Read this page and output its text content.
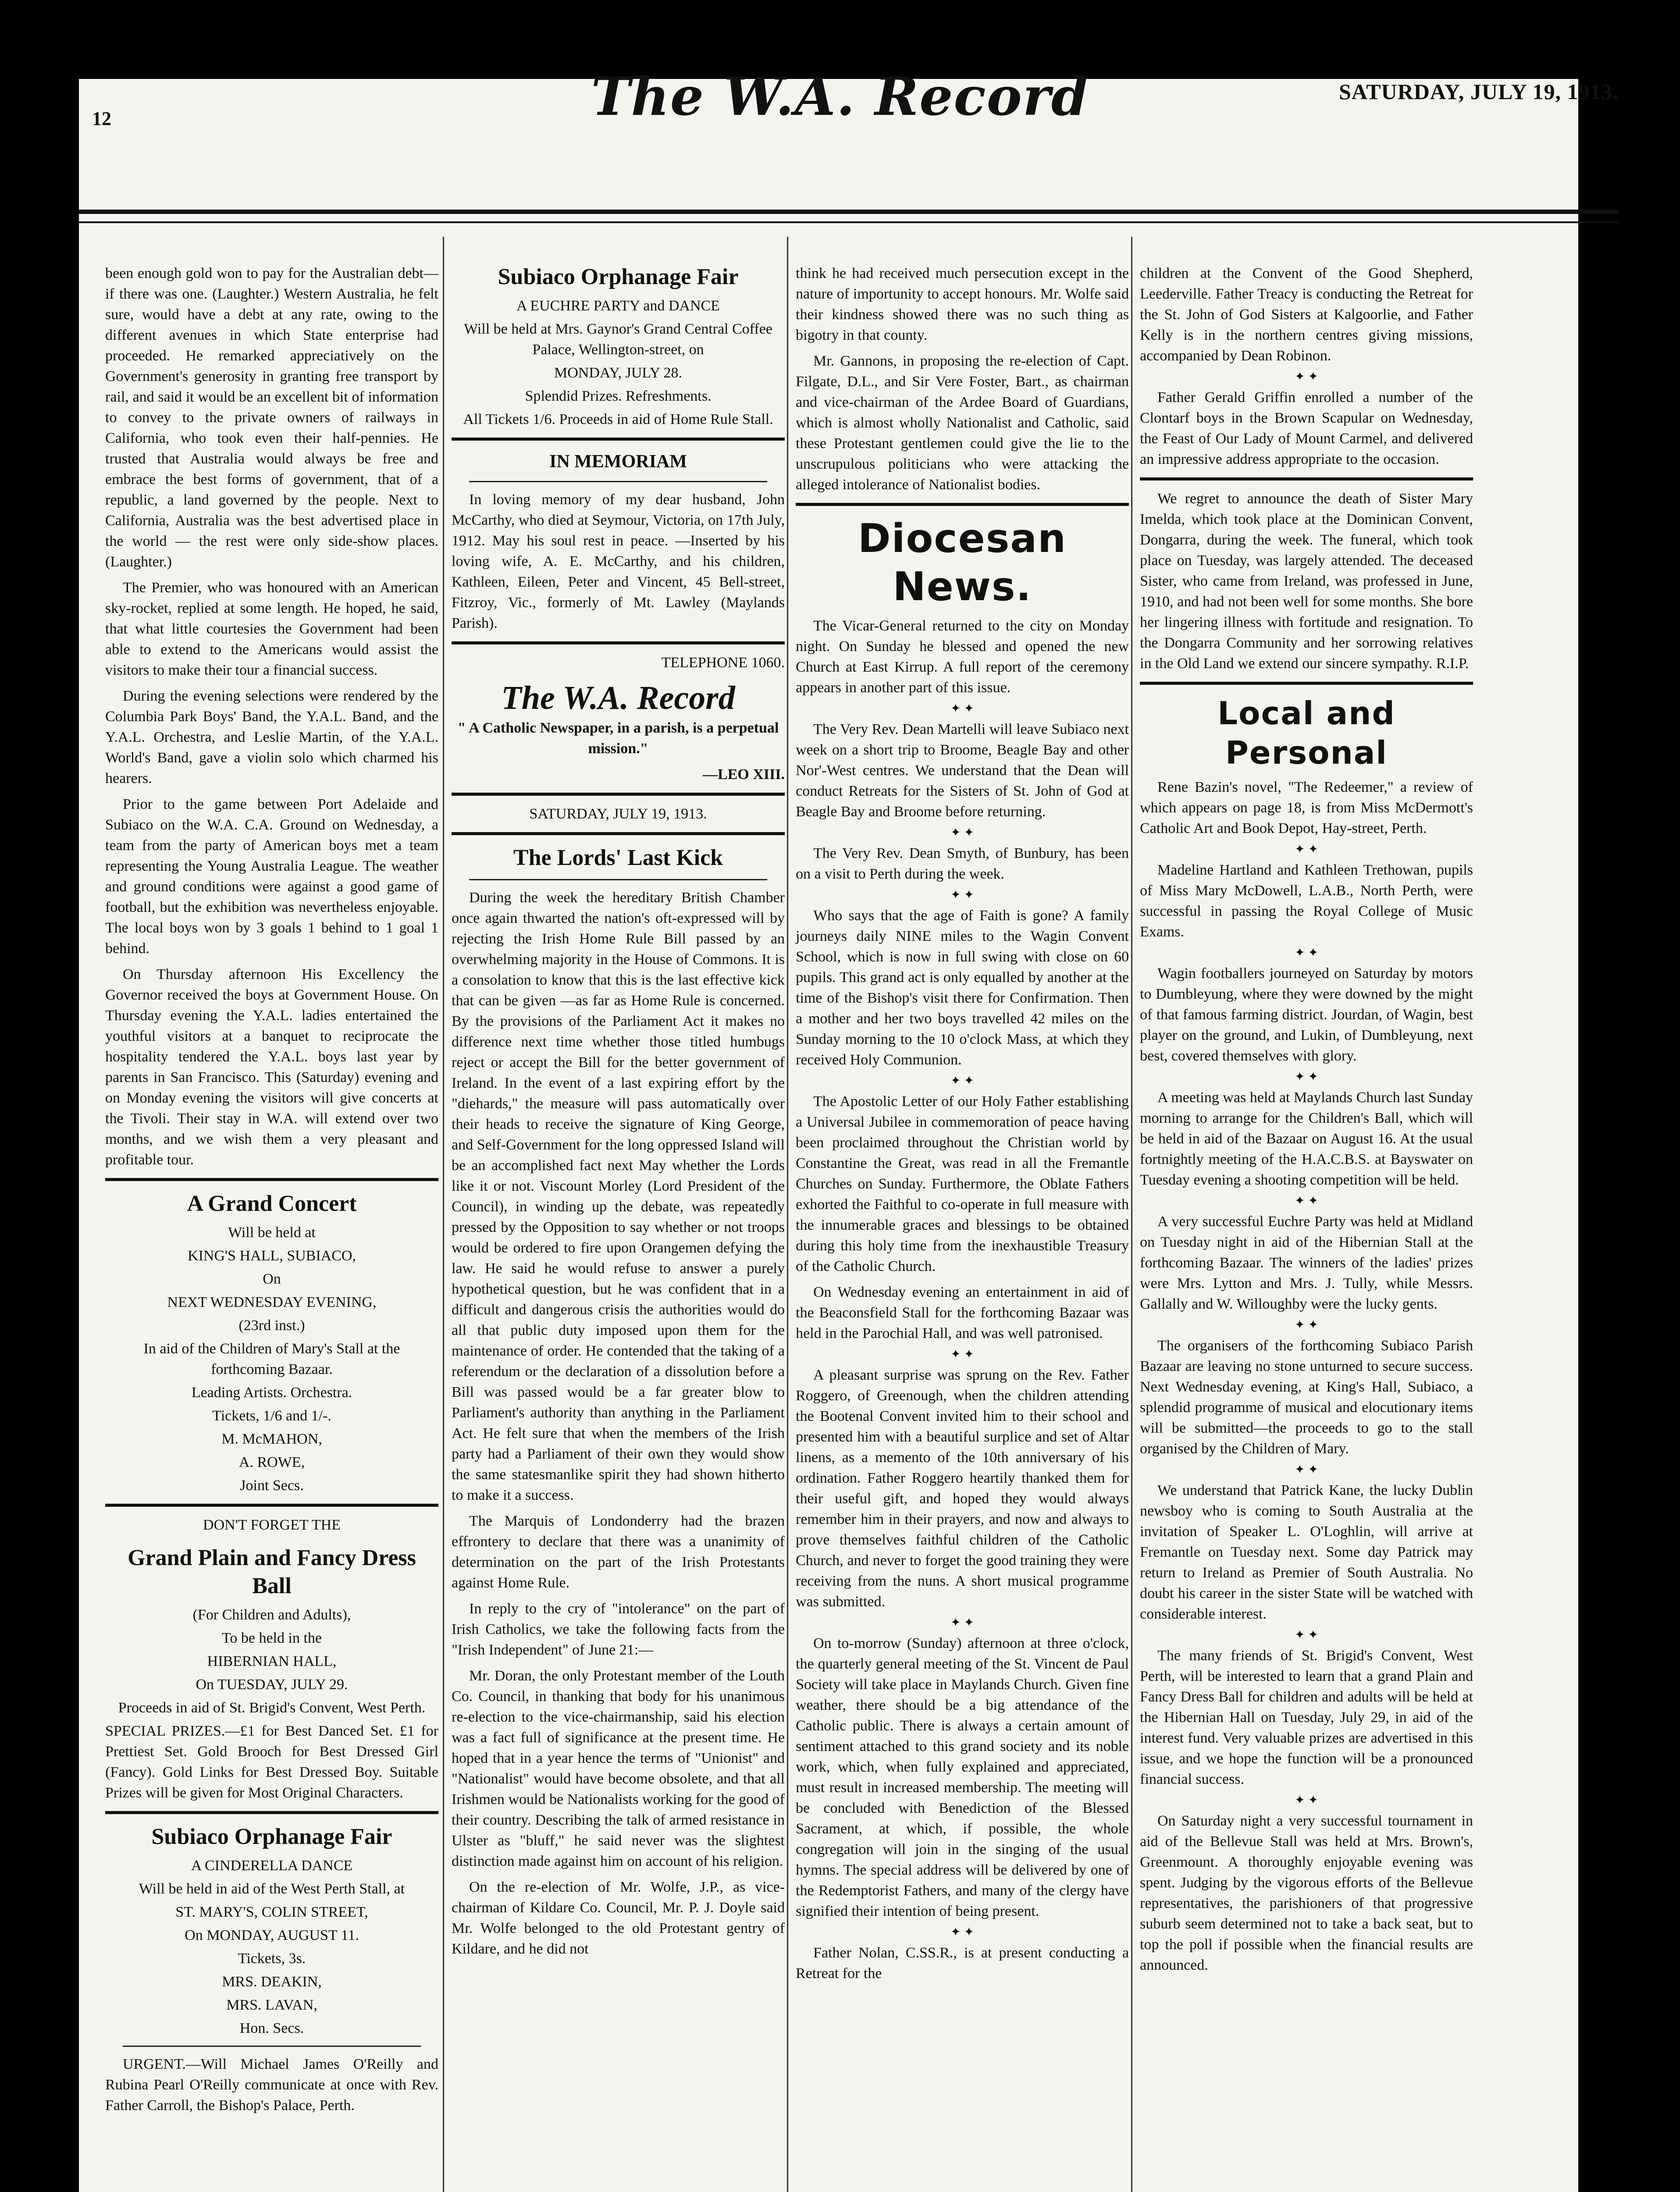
The W.A. Record	SATURDAY, JULY 19, 1913.
12

been enough gold won to pay for the Australian debt—if there was one. (Laughter.) Western Australia, he felt sure, would have a debt at any rate, owing to the different avenues in which State enterprise had proceeded. He remarked appreciatively on the Government's generosity in granting free transport by rail, and said it would be an excellent bit of information to convey to the private owners of railways in California, who took even their half-pennies. He trusted that Australia would always be free and embrace the best forms of government, that of a republic, a land governed by the people. Next to California, Australia was the best advertised place in the world — the rest were only side-show places. (Laughter.)

The Premier, who was honoured with an American sky-rocket, replied at some length. He hoped, he said, that what little courtesies the Government had been able to extend to the Americans would assist the visitors to make their tour a financial success.

During the evening selections were rendered by the Columbia Park Boys' Band, the Y.A.L. Band, and the Y.A.L. Orchestra, and Leslie Martin, of the Y.A.L. World's Band, gave a violin solo which charmed his hearers.

Prior to the game between Port Adelaide and Subiaco on the W.A. C.A. Ground on Wednesday, a team from the party of American boys met a team representing the Young Australia League. The weather and ground conditions were against a good game of football, but the exhibition was nevertheless enjoyable. The local boys won by 3 goals 1 behind to 1 goal 1 behind.

On Thursday afternoon His Excellency the Governor received the boys at Government House. On Thursday evening the Y.A.L. ladies entertained the youthful visitors at a banquet to reciprocate the hospitality tendered the Y.A.L. boys last year by parents in San Francisco. This (Saturday) evening and on Monday evening the visitors will give concerts at the Tivoli. Their stay in W.A. will extend over two months, and we wish them a very pleasant and profitable tour.

A Grand Concert

Will be held at

KING'S HALL, SUBIACO,

On

NEXT WEDNESDAY EVENING,

(23rd inst.)

In aid of the Children of Mary's Stall at the forthcoming Bazaar.

Leading Artists. Orchestra.

Tickets, 1/6 and 1/-.

M. McMAHON,

A. ROWE,

Joint Secs.

DON'T FORGET THE

Grand Plain and Fancy Dress Ball

(For Children and Adults),

To be held in the

HIBERNIAN HALL,

On TUESDAY, JULY 29.

Proceeds in aid of St. Brigid's Convent, West Perth.

SPECIAL PRIZES.—£1 for Best Danced Set. £1 for Prettiest Set. Gold Brooch for Best Dressed Girl (Fancy). Gold Links for Best Dressed Boy. Suitable Prizes will be given for Most Original Characters.

Subiaco Orphanage Fair

A CINDERELLA DANCE

Will be held in aid of the West Perth Stall, at

ST. MARY'S, COLIN STREET,

On MONDAY, AUGUST 11.

Tickets, 3s.

MRS. DEAKIN,

MRS. LAVAN,

Hon. Secs.

URGENT.—Will Michael James O'Reilly and Rubina Pearl O'Reilly communicate at once with Rev. Father Carroll, the Bishop's Palace, Perth.

Subiaco Orphanage Fair

A EUCHRE PARTY and DANCE

Will be held at Mrs. Gaynor's Grand Central Coffee Palace, Wellington-street, on

MONDAY, JULY 28.

Splendid Prizes. Refreshments.

All Tickets 1/6. Proceeds in aid of Home Rule Stall.

IN MEMORIAM

In loving memory of my dear husband, John McCarthy, who died at Seymour, Victoria, on 17th July, 1912. May his soul rest in peace. —Inserted by his loving wife, A. E. McCarthy, and his children, Kathleen, Eileen, Peter and Vincent, 45 Bell-street, Fitzroy, Vic., formerly of Mt. Lawley (Maylands Parish).

TELEPHONE 1060.

The W.A. Record

" A Catholic Newspaper, in a parish, is a perpetual mission."

—LEO XIII.

SATURDAY, JULY 19, 1913.

The Lords' Last Kick

During the week the hereditary British Chamber once again thwarted the nation's oft-expressed will by rejecting the Irish Home Rule Bill passed by an overwhelming majority in the House of Commons. It is a consolation to know that this is the last effective kick that can be given —as far as Home Rule is concerned. By the provisions of the Parliament Act it makes no difference next time whether those titled humbugs reject or accept the Bill for the better government of Ireland. In the event of a last expiring effort by the "diehards," the measure will pass automatically over their heads to receive the signature of King George, and Self-Government for the long oppressed Island will be an accomplished fact next May whether the Lords like it or not. Viscount Morley (Lord President of the Council), in winding up the debate, was repeatedly pressed by the Opposition to say whether or not troops would be ordered to fire upon Orangemen defying the law. He said he would refuse to answer a purely hypothetical question, but he was confident that in a difficult and dangerous crisis the authorities would do all that public duty imposed upon them for the maintenance of order. He contended that the taking of a referendum or the declaration of a dissolution before a Bill was passed would be a far greater blow to Parliament's authority than anything in the Parliament Act. He felt sure that when the members of the Irish party had a Parliament of their own they would show the same statesmanlike spirit they had shown hitherto to make it a success.

The Marquis of Londonderry had the brazen effrontery to declare that there was a unanimity of determination on the part of the Irish Protestants against Home Rule.

In reply to the cry of "intolerance" on the part of Irish Catholics, we take the following facts from the "Irish Independent" of June 21:—

Mr. Doran, the only Protestant member of the Louth Co. Council, in thanking that body for his unanimous re-election to the vice-chairmanship, said his election was a fact full of significance at the present time. He hoped that in a year hence the terms of "Unionist" and "Nationalist" would have become obsolete, and that all Irishmen would be Nationalists working for the good of their country. Describing the talk of armed resistance in Ulster as "bluff," he said never was the slightest distinction made against him on account of his religion.

On the re-election of Mr. Wolfe, J.P., as vice-chairman of Kildare Co. Council, Mr. P. J. Doyle said Mr. Wolfe belonged to the old Protestant gentry of Kildare, and he did not

think he had received much persecution except in the nature of importunity to accept honours. Mr. Wolfe said their kindness showed there was no such thing as bigotry in that county.

Mr. Gannons, in proposing the re-election of Capt. Filgate, D.L., and Sir Vere Foster, Bart., as chairman and vice-chairman of the Ardee Board of Guardians, which is almost wholly Nationalist and Catholic, said these Protestant gentlemen could give the lie to the unscrupulous politicians who were attacking the alleged intolerance of Nationalist bodies.

Diocesan News.

The Vicar-General returned to the city on Monday night. On Sunday he blessed and opened the new Church at East Kirrup. A full report of the ceremony appears in another part of this issue.

✦ ✦

The Very Rev. Dean Martelli will leave Subiaco next week on a short trip to Broome, Beagle Bay and other Nor'-West centres. We understand that the Dean will conduct Retreats for the Sisters of St. John of God at Beagle Bay and Broome before returning.

✦ ✦

The Very Rev. Dean Smyth, of Bunbury, has been on a visit to Perth during the week.

✦ ✦

Who says that the age of Faith is gone? A family journeys daily NINE miles to the Wagin Convent School, which is now in full swing with close on 60 pupils. This grand act is only equalled by another at the time of the Bishop's visit there for Confirmation. Then a mother and her two boys travelled 42 miles on the Sunday morning to the 10 o'clock Mass, at which they received Holy Communion.

✦ ✦

The Apostolic Letter of our Holy Father establishing a Universal Jubilee in commemoration of peace having been proclaimed throughout the Christian world by Constantine the Great, was read in all the Fremantle Churches on Sunday. Furthermore, the Oblate Fathers exhorted the Faithful to co-operate in full measure with the innumerable graces and blessings to be obtained during this holy time from the inexhaustible Treasury of the Catholic Church.

On Wednesday evening an entertainment in aid of the Beaconsfield Stall for the forthcoming Bazaar was held in the Parochial Hall, and was well patronised.

✦ ✦

A pleasant surprise was sprung on the Rev. Father Roggero, of Greenough, when the children attending the Bootenal Convent invited him to their school and presented him with a beautiful surplice and set of Altar linens, as a memento of the 10th anniversary of his ordination. Father Roggero heartily thanked them for their useful gift, and hoped they would always remember him in their prayers, and now and always to prove themselves faithful children of the Catholic Church, and never to forget the good training they were receiving from the nuns. A short musical programme was submitted.

✦ ✦

On to-morrow (Sunday) afternoon at three o'clock, the quarterly general meeting of the St. Vincent de Paul Society will take place in Maylands Church. Given fine weather, there should be a big attendance of the Catholic public. There is always a certain amount of sentiment attached to this grand society and its noble work, which, when fully explained and appreciated, must result in increased membership. The meeting will be concluded with Benediction of the Blessed Sacrament, at which, if possible, the whole congregation will join in the singing of the usual hymns. The special address will be delivered by one of the Redemptorist Fathers, and many of the clergy have signified their intention of being present.

✦ ✦

Father Nolan, C.SS.R., is at present conducting a Retreat for the

children at the Convent of the Good Shepherd, Leederville. Father Treacy is conducting the Retreat for the St. John of God Sisters at Kalgoorlie, and Father Kelly is in the northern centres giving missions, accompanied by Dean Robinon.

✦ ✦

Father Gerald Griffin enrolled a number of the Clontarf boys in the Brown Scapular on Wednesday, the Feast of Our Lady of Mount Carmel, and delivered an impressive address appropriate to the occasion.

We regret to announce the death of Sister Mary Imelda, which took place at the Dominican Convent, Dongarra, during the week. The funeral, which took place on Tuesday, was largely attended. The deceased Sister, who came from Ireland, was professed in June, 1910, and had not been well for some months. She bore her lingering illness with fortitude and resignation. To the Dongarra Community and her sorrowing relatives in the Old Land we extend our sincere sympathy. R.I.P.

Local and Personal

Rene Bazin's novel, "The Redeemer," a review of which appears on page 18, is from Miss McDermott's Catholic Art and Book Depot, Hay-street, Perth.

✦ ✦

Madeline Hartland and Kathleen Trethowan, pupils of Miss Mary McDowell, L.A.B., North Perth, were successful in passing the Royal College of Music Exams.

✦ ✦

Wagin footballers journeyed on Saturday by motors to Dumbleyung, where they were downed by the might of that famous farming district. Jourdan, of Wagin, best player on the ground, and Lukin, of Dumbleyung, next best, covered themselves with glory.

✦ ✦

A meeting was held at Maylands Church last Sunday morning to arrange for the Children's Ball, which will be held in aid of the Bazaar on August 16. At the usual fortnightly meeting of the H.A.C.B.S. at Bayswater on Tuesday evening a shooting competition will be held.

✦ ✦

A very successful Euchre Party was held at Midland on Tuesday night in aid of the Hibernian Stall at the forthcoming Bazaar. The winners of the ladies' prizes were Mrs. Lytton and Mrs. J. Tully, while Messrs. Gallally and W. Willoughby were the lucky gents.

✦ ✦

The organisers of the forthcoming Subiaco Parish Bazaar are leaving no stone unturned to secure success. Next Wednesday evening, at King's Hall, Subiaco, a splendid programme of musical and elocutionary items will be submitted—the proceeds to go to the stall organised by the Children of Mary.

✦ ✦

We understand that Patrick Kane, the lucky Dublin newsboy who is coming to South Australia at the invitation of Speaker L. O'Loghlin, will arrive at Fremantle on Tuesday next. Some day Patrick may return to Ireland as Premier of South Australia. No doubt his career in the sister State will be watched with considerable interest.

✦ ✦

The many friends of St. Brigid's Convent, West Perth, will be interested to learn that a grand Plain and Fancy Dress Ball for children and adults will be held at the Hibernian Hall on Tuesday, July 29, in aid of the interest fund. Very valuable prizes are advertised in this issue, and we hope the function will be a pronounced financial success.

✦ ✦

On Saturday night a very successful tournament in aid of the Bellevue Stall was held at Mrs. Brown's, Greenmount. A thoroughly enjoyable evening was spent. Judging by the vigorous efforts of the Bellevue representatives, the parishioners of that progressive suburb seem determined not to take a back seat, but to top the poll if possible when the financial results are announced.
